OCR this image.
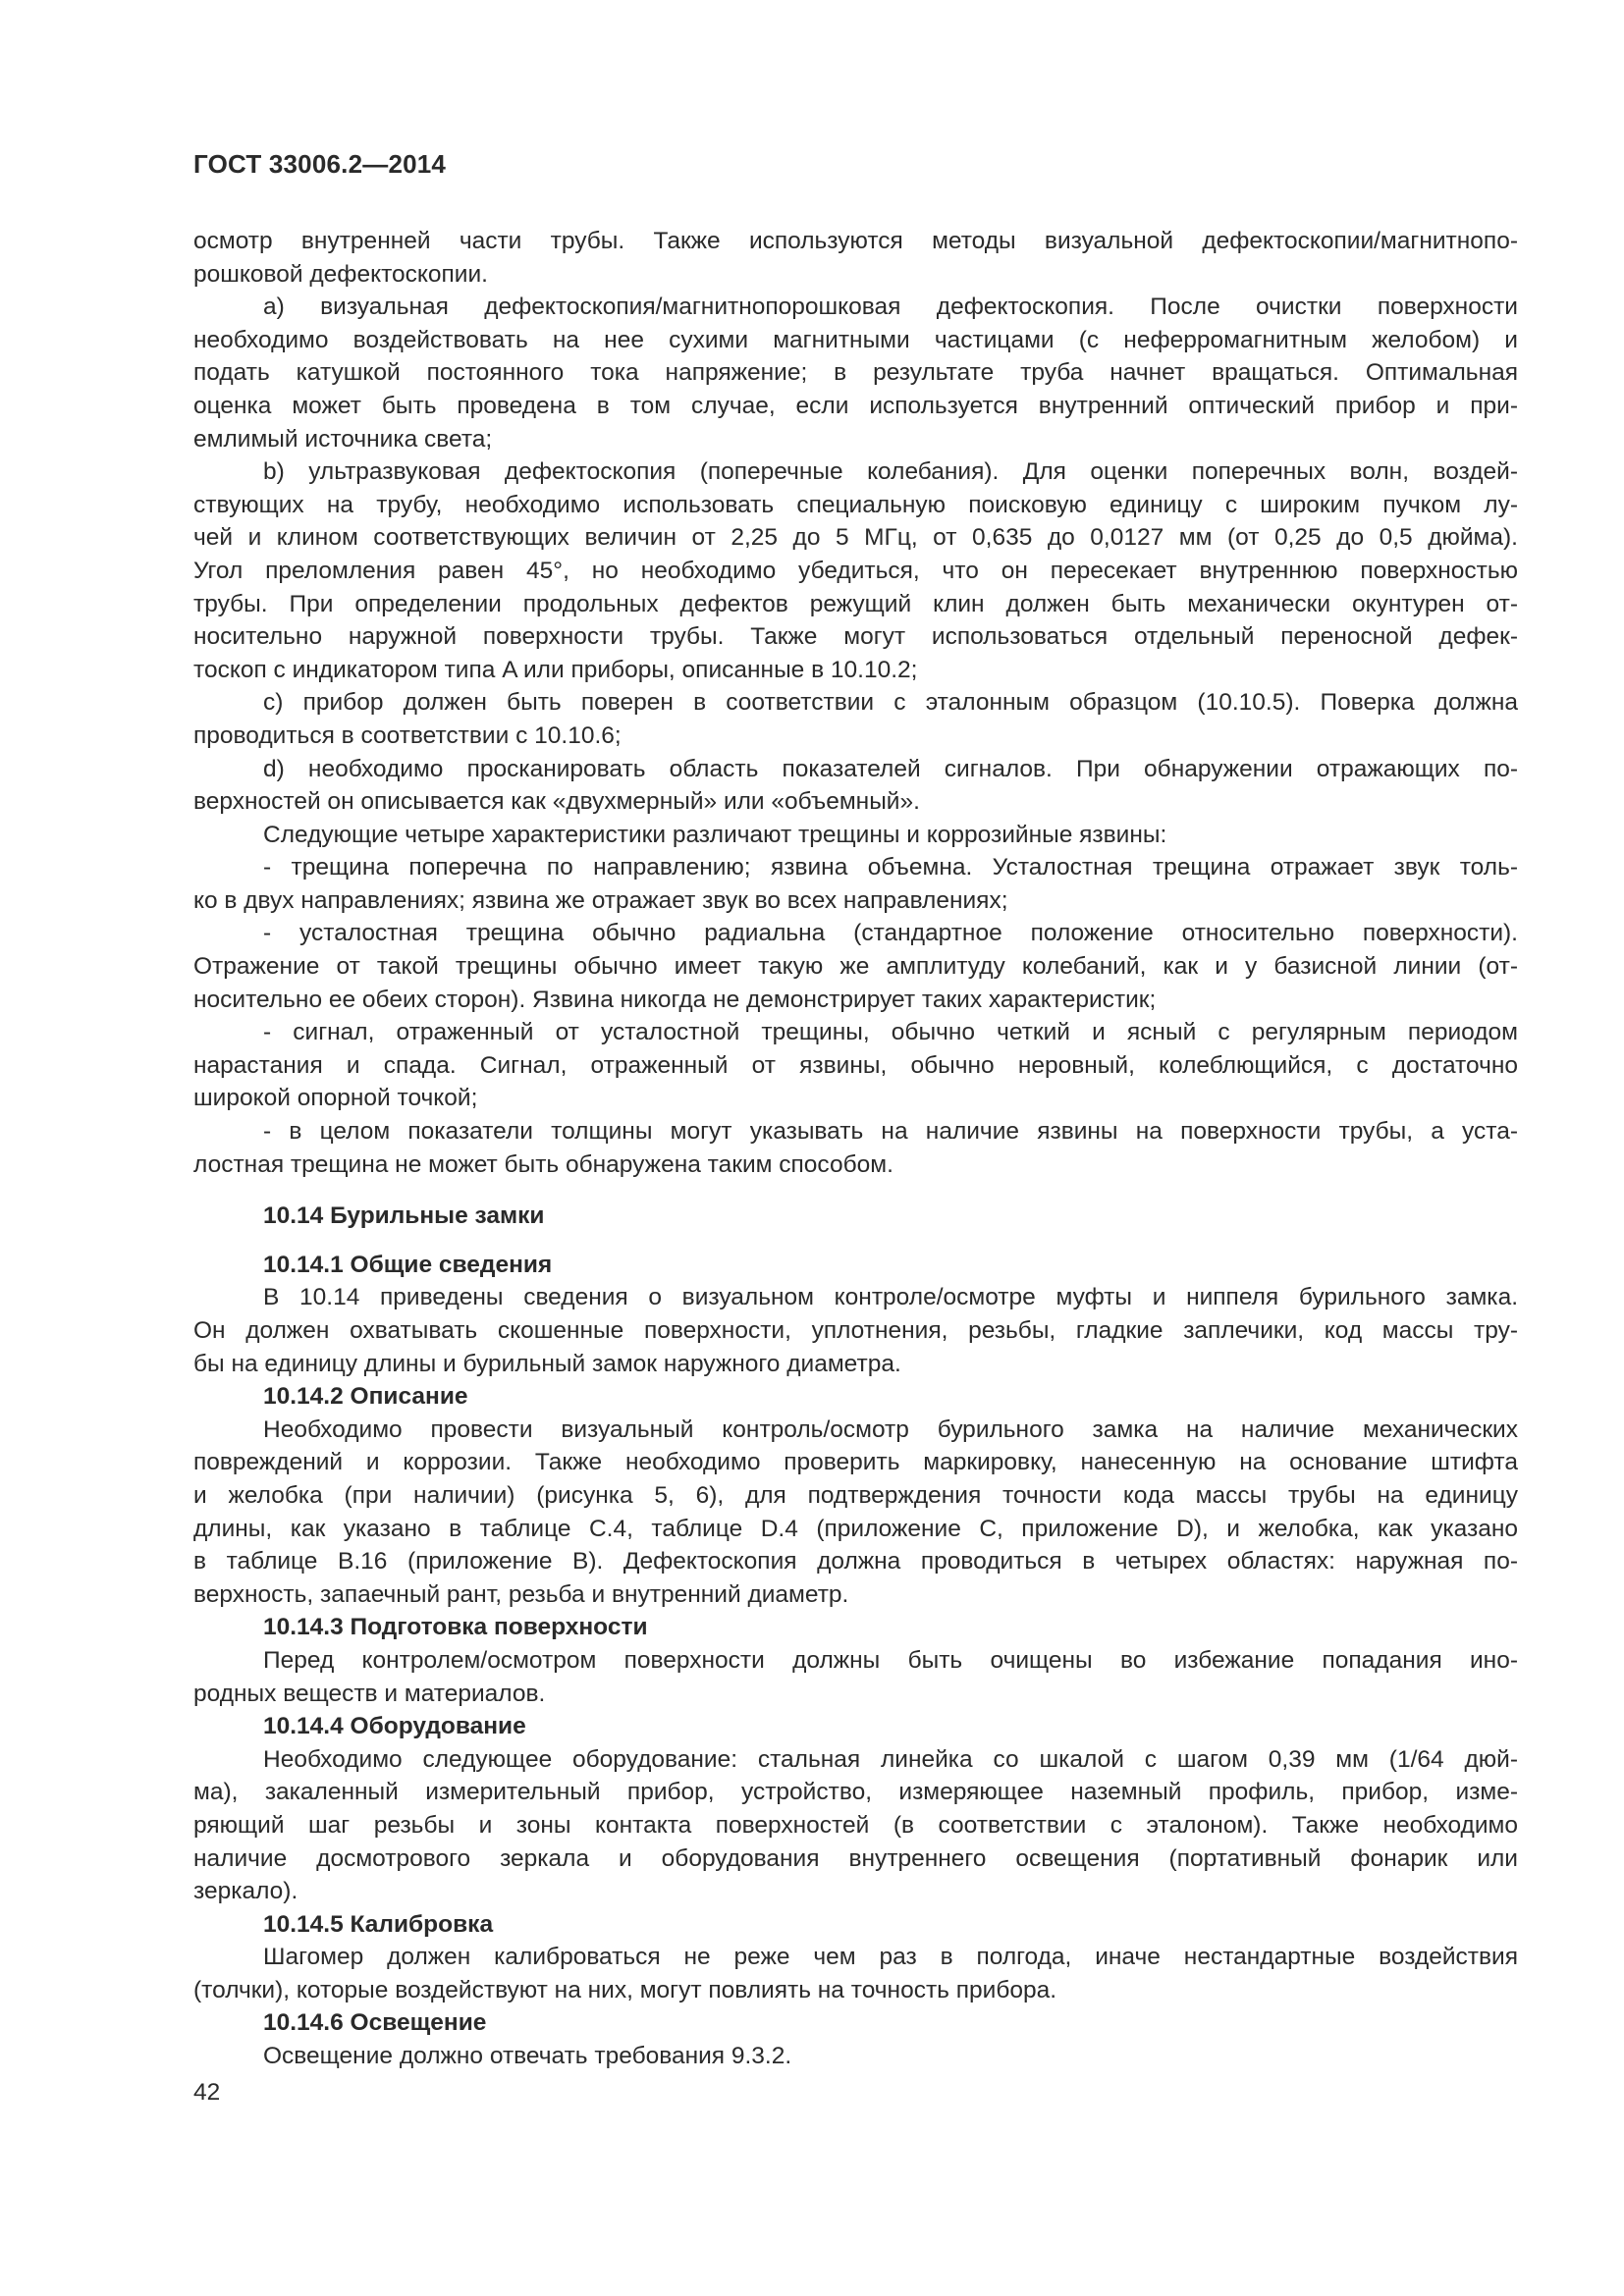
ГОСТ 33006.2—2014
осмотр внутренней части трубы. Также используются методы визуальной дефектоскопии/магнитнопо-
рошковой дефектоскопии.
a) визуальная дефектоскопия/магнитнопорошковая дефектоскопия. После очистки поверхности
необходимо воздействовать на нее сухими магнитными частицами (с неферромагнитным желобом) и
подать катушкой постоянного тока напряжение; в результате труба начнет вращаться. Оптимальная
оценка может быть проведена в том случае, если используется внутренний оптический прибор и при-
емлимый источника света;
b) ультразвуковая дефектоскопия (поперечные колебания). Для оценки поперечных волн, воздей-
ствующих на трубу, необходимо использовать специальную поисковую единицу с широким пучком лу-
чей и клином соответствующих величин от 2,25 до 5 МГц, от 0,635 до 0,0127 мм (от 0,25 до 0,5 дюйма).
Угол преломления равен 45°, но необходимо убедиться, что он пересекает внутреннюю поверхностью
трубы. При определении продольных дефектов режущий клин должен быть механически окунтурен от-
носительно наружной поверхности трубы. Также могут использоваться отдельный переносной дефек-
тоскоп с индикатором типа A или приборы, описанные в 10.10.2;
c) прибор должен быть поверен в соответствии с эталонным образцом (10.10.5). Поверка должна
проводиться в соответствии с 10.10.6;
d) необходимо просканировать область показателей сигналов. При обнаружении отражающих по-
верхностей он описывается как «двухмерный» или «объемный».
Следующие четыре характеристики различают трещины и коррозийные язвины:
- трещина поперечна по направлению; язвина объемна. Усталостная трещина отражает звук толь-
ко в двух направлениях; язвина же отражает звук во всех направлениях;
- усталостная трещина обычно радиальна (стандартное положение относительно поверхности).
Отражение от такой трещины обычно имеет такую же амплитуду колебаний, как и у базисной линии (от-
носительно ее обеих сторон). Язвина никогда не демонстрирует таких характеристик;
- сигнал, отраженный от усталостной трещины, обычно четкий и ясный с регулярным периодом
нарастания и спада. Сигнал, отраженный от язвины, обычно неровный, колеблющийся, с достаточно
широкой опорной точкой;
- в целом показатели толщины могут указывать на наличие язвины на поверхности трубы, а уста-
лостная трещина не может быть обнаружена таким способом.
10.14 Бурильные замки
10.14.1 Общие сведения
В 10.14 приведены сведения о визуальном контроле/осмотре муфты и ниппеля бурильного замка.
Он должен охватывать скошенные поверхности, уплотнения, резьбы, гладкие заплечики, код массы тру-
бы на единицу длины и бурильный замок наружного диаметра.
10.14.2 Описание
Необходимо провести визуальный контроль/осмотр бурильного замка на наличие механических
повреждений и коррозии. Также необходимо проверить маркировку, нанесенную на основание штифта
и желобка (при наличии) (рисунка 5, 6), для подтверждения точности кода массы трубы на единицу
длины, как указано в таблице C.4, таблице D.4 (приложение C, приложение D), и желобка, как указано
в таблице B.16 (приложение B). Дефектоскопия должна проводиться в четырех областях: наружная по-
верхность, запаечный рант, резьба и внутренний диаметр.
10.14.3 Подготовка поверхности
Перед контролем/осмотром поверхности должны быть очищены во избежание попадания ино-
родных веществ и материалов.
10.14.4 Оборудование
Необходимо следующее оборудование: стальная линейка со шкалой с шагом 0,39 мм (1/64 дюй-
ма), закаленный измерительный прибор, устройство, измеряющее наземный профиль, прибор, изме-
ряющий шаг резьбы и зоны контакта поверхностей (в соответствии с эталоном). Также необходимо
наличие досмотрового зеркала и оборудования внутреннего освещения (портативный фонарик или
зеркало).
10.14.5 Калибровка
Шагомер должен калиброваться не реже чем раз в полгода, иначе нестандартные воздействия
(толчки), которые воздействуют на них, могут повлиять на точность прибора.
10.14.6 Освещение
Освещение должно отвечать требования 9.3.2.
42
